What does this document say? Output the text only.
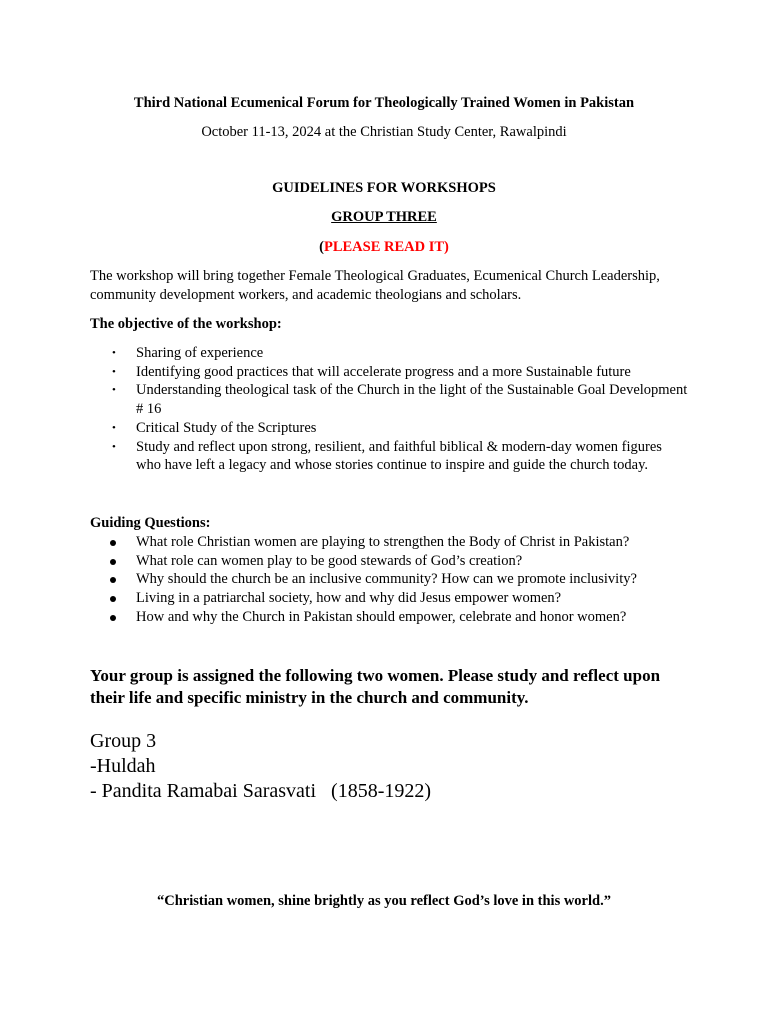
Third National Ecumenical Forum for Theologically Trained Women in Pakistan
October 11-13, 2024 at the Christian Study Center, Rawalpindi
GUIDELINES FOR WORKSHOPS
GROUP THREE
(PLEASE READ IT)
The workshop will bring together Female Theological Graduates, Ecumenical Church Leadership, community development workers, and academic theologians and scholars.
The objective of the workshop:
• Sharing of experience
• Identifying good practices that will accelerate progress and a more Sustainable future
• Understanding theological task of the Church in the light of the Sustainable Goal Development # 16
• Critical Study of the Scriptures
• Study and reflect upon strong, resilient, and faithful biblical & modern-day women figures who have left a legacy and whose stories continue to inspire and guide the church today.
Guiding Questions:
What role Christian women are playing to strengthen the Body of Christ in Pakistan?
What role can women play to be good stewards of God’s creation?
Why should the church be an inclusive community? How can we promote inclusivity?
Living in a patriarchal society, how and why did Jesus empower women?
How and why the Church in Pakistan should empower, celebrate and honor women?
Your group is assigned the following two women. Please study and reflect upon their life and specific ministry in the church and community.
Group 3
-Huldah
- Pandita Ramabai Sarasvati   (1858-1922)
“Christian women, shine brightly as you reflect God’s love in this world.”
